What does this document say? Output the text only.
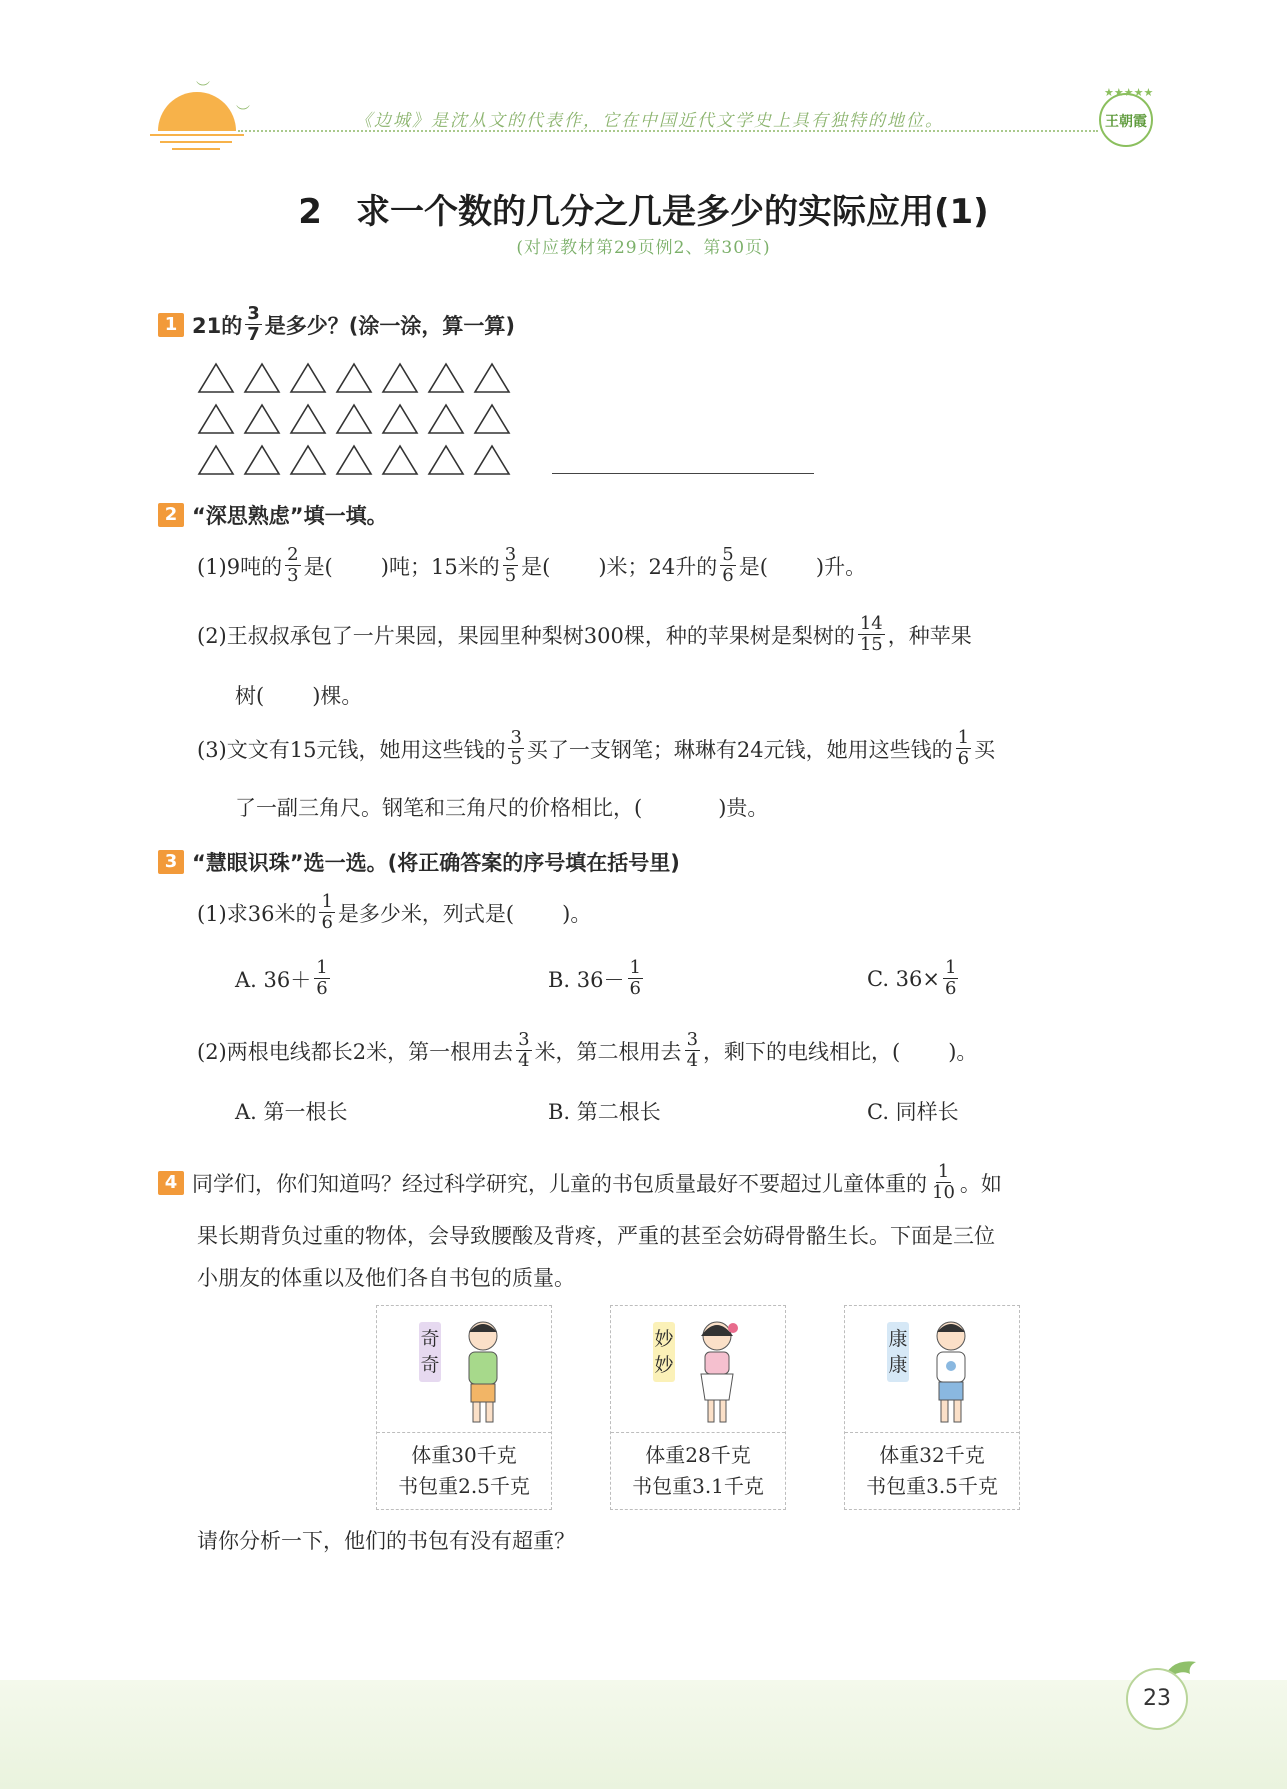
︶
︶	《边城》是沈从文的代表作，它在中国近代文学史上具有独特的地位。
★★★★★
王朝霞
2　求一个数的几分之几是多少的实际应用(1)
(对应教材第29页例2、第30页)
1 21的 $\frac{3}{7}$ 是多少？(涂一涂，算一算)
2 “深思熟虑”填一填。
(1)9吨的 $\frac{2}{3}$ 是( )吨；15米的 $\frac{3}{5}$ 是( )米；24升的 $\frac{5}{6}$ 是( )升。
(2)王叔叔承包了一片果园，果园里种梨树300棵，种的苹果树是梨树的 $\frac{14}{15}$ ，种苹果
树( )棵。
(3)文文有15元钱，她用这些钱的 $\frac{3}{5}$ 买了一支钢笔；琳琳有24元钱，她用这些钱的 $\frac{1}{6}$ 买
了一副三角尺。钢笔和三角尺的价格相比，(	)贵。
3 “慧眼识珠”选一选。(将正确答案的序号填在括号里)
(1)求36米的 $\frac{1}{6}$ 是多少米，列式是( )。
A. $36+ \frac{1}{6}$	B. $36- \frac{1}{6}$	C. $36\times \frac{1}{6}$
(2)两根电线都长2米，第一根用去 $\frac{3}{4}$ 米，第二根用去 $\frac{3}{4}$ ，剩下的电线相比，( )。
A. 第一根长	B. 第二根长	C. 同样长
4 同学们，你们知道吗？经过科学研究，儿童的书包质量最好不要超过儿童体重的 $\frac{1}{10}$ 。如
果长期背负过重的物体，会导致腰酸及背疼，严重的甚至会妨碍骨骼生长。下面是三位
小朋友的体重以及他们各自书包的质量。
奇
奇
体重30千克
书包重2.5千克
妙
妙
体重28千克
书包重3.1千克
康
康
体重32千克
书包重3.5千克
请你分析一下，他们的书包有没有超重？
23
